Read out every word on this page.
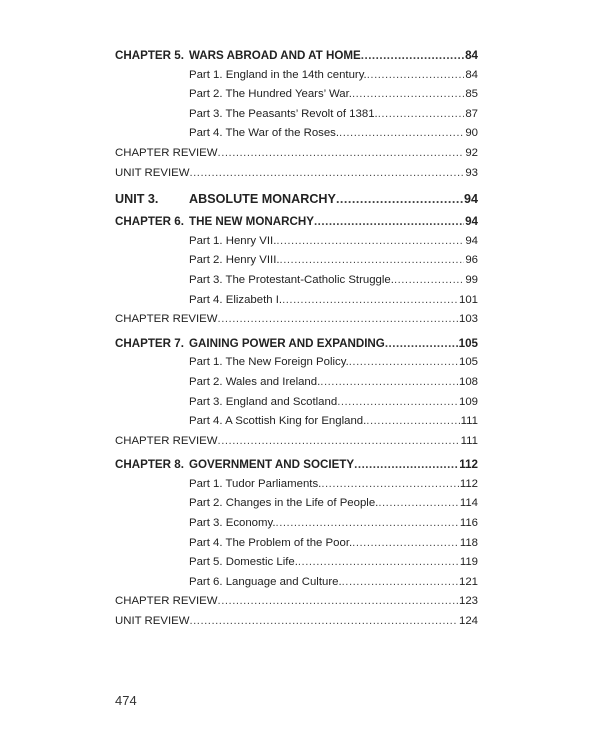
CHAPTER 5. WARS ABROAD AND AT HOME .....	84
Part 1. England in the 14th century. .....	84
Part 2. The Hundred Years’ War. .....	85
Part 3. The Peasants’ Revolt of 1381. .....	87
Part 4. The War of the Roses. .....	90
CHAPTER REVIEW .....	92
UNIT REVIEW .....	93
UNIT 3. ABSOLUTE MONARCHY .....	94
CHAPTER 6. THE NEW MONARCHY .....	94
Part 1. Henry VII. .....	94
Part 2. Henry VIII. .....	96
Part 3. The Protestant-Catholic Struggle. .....	99
Part 4. Elizabeth I. .....	101
CHAPTER REVIEW .....	103
CHAPTER 7. GAINING POWER AND EXPANDING .....	105
Part 1. The New Foreign Policy. .....	105
Part 2. Wales and Ireland. .....	108
Part 3. England and Scotland .....	109
Part 4. A Scottish King for England. .....	111
CHAPTER REVIEW .....	111
CHAPTER 8. GOVERNMENT AND SOCIETY .....	112
Part 1. Tudor Parliaments. .....	112
Part 2. Changes in the Life of People. .....	114
Part 3. Economy. .....	116
Part 4. The Problem of the Poor. .....	118
Part 5. Domestic Life. .....	119
Part 6. Language and Culture. .....	121
CHAPTER REVIEW .....	123
UNIT REVIEW .....	124
474
